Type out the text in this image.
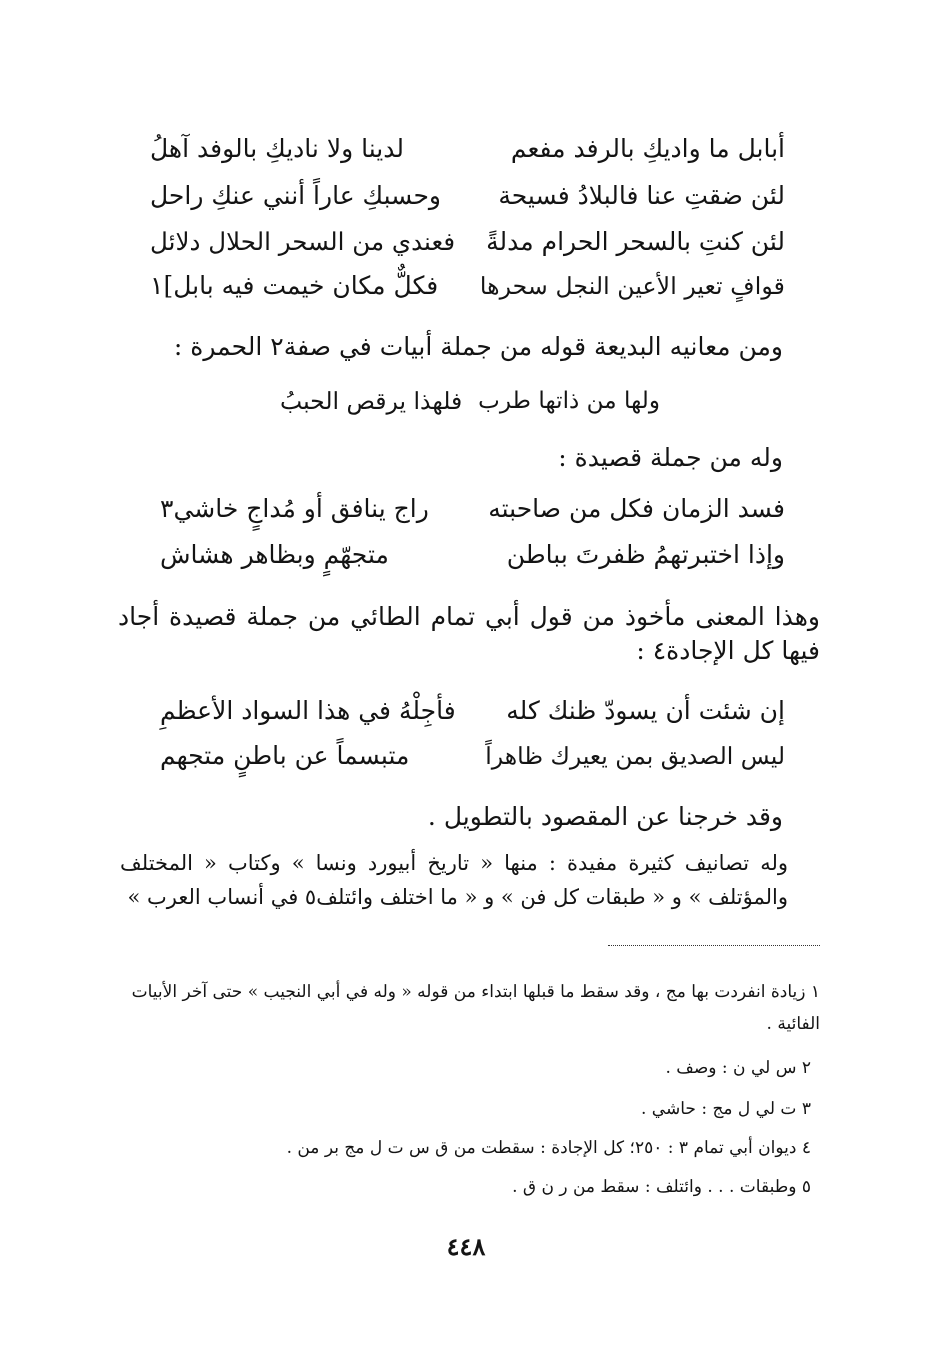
أبابل ما واديكِ بالرفد مفعم
لدينا ولا ناديكِ بالوفد آهلُ
لئن ضقتِ عنا فالبلادُ فسيحة
وحسبكِ عاراً أنني عنكِ راحل
لئن كنتِ بالسحر الحرام مدلةً
فعندي من السحر الحلال دلائل
قوافٍ تعير الأعين النجل سحرها
فكلٌّ مكان خيمت فيه بابل]١
ومن معانيه البديعة قوله من جملة أبيات في صفة٢ الحمرة :
ولها من ذاتها طرب
فلهذا يرقص الحببُ
وله من جملة قصيدة :
فسد الزمان فكل من صاحبته
راج ينافق أو مُداجٍ خاشي٣
وإذا اختبرتهمُ ظفرتَ بباطن
متجهّمٍ وبظاهر هشاش
وهذا المعنى مأخوذ من قول أبي تمام الطائي من جملة قصيدة أجاد فيها كل الإجادة٤ :
إن شئت أن يسودّ ظنك كله
فأجِلْهُ في هذا السواد الأعظمِ
ليس الصديق بمن يعيرك ظاهراً
متبسماً عن باطنٍ متجهم
وقد خرجنا عن المقصود بالتطويل .
وله تصانيف كثيرة مفيدة : منها « تاريخ أبيورد ونسا » وكتاب « المختلف والمؤتلف » و « طبقات كل فن » و « ما اختلف وائتلف٥ في أنساب العرب »
١ زيادة انفردت بها مج ، وقد سقط ما قبلها ابتداء من قوله « وله في أبي النجيب » حتى آخر الأبيات الفائية .
٢ س لي ن : وصف .
٣ ت لي ل مج : حاشي .
٤ ديوان أبي تمام ٣ : ٢٥٠؛ كل الإجادة : سقطت من ق س ت ل مج بر من .
٥ وطبقات . . . وائتلف : سقط من ر ن ق .
٤٤٨
